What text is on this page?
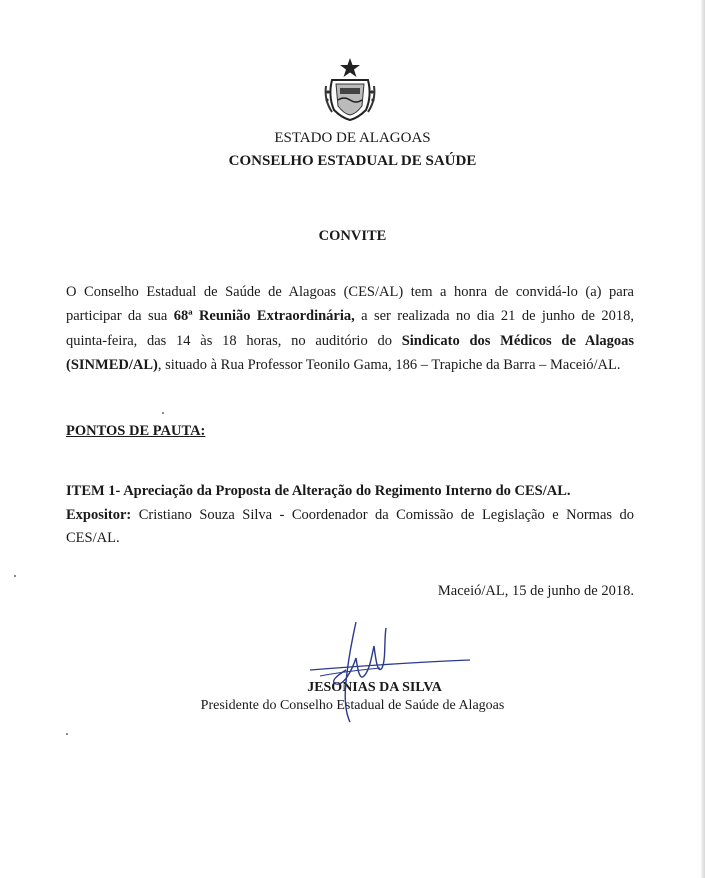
ESTADO DE ALAGOAS
CONSELHO ESTADUAL DE SAÚDE
CONVITE
O Conselho Estadual de Saúde de Alagoas (CES/AL) tem a honra de convidá-lo (a) para
participar da sua 68ª Reunião Extraordinária, a ser realizada no dia 21 de junho de 2018,
quinta-feira, das 14 às 18 horas, no auditório do Sindicato dos Médicos de Alagoas
(SINMED/AL), situado à Rua Professor Teonilo Gama, 186 – Trapiche da Barra – Maceió/AL.
PONTOS DE PAUTA:
ITEM 1- Apreciação da Proposta de Alteração do Regimento Interno do CES/AL.
Expositor: Cristiano Souza Silva - Coordenador da Comissão de Legislação e Normas do
CES/AL.
Maceió/AL, 15 de junho de 2018.
JESONIAS DA SILVA
Presidente do Conselho Estadual de Saúde de Alagoas
